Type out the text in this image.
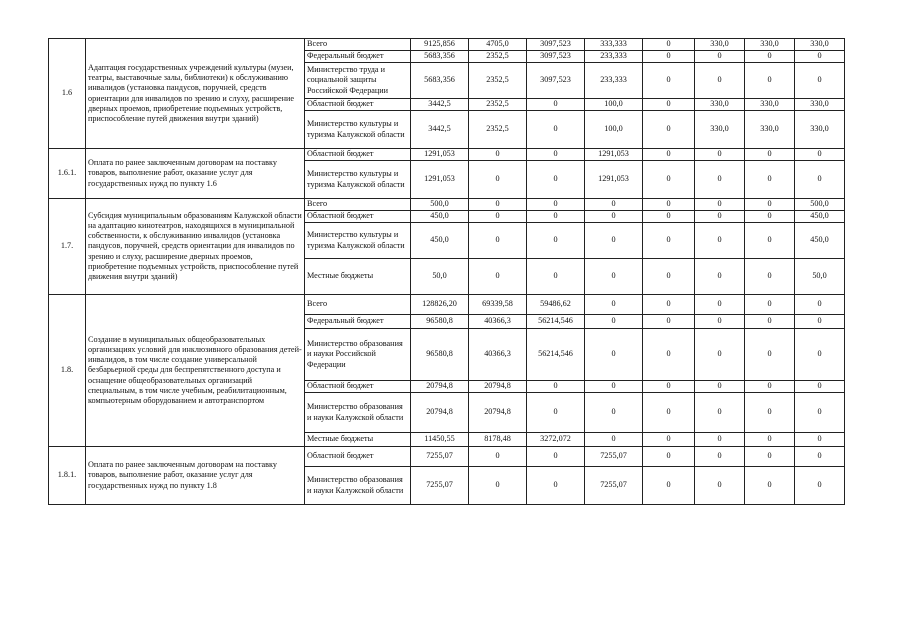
1.6	Адаптация государственных учреждений культуры (музеи, театры, выставочные залы, библиотеки) к обслуживанию инвалидов (установка пандусов, поручней, средств ориентации для инвалидов по зрению и слуху, расширение дверных проемов, приобретение подъемных устройств, приспособление путей движения внутри зданий)	Всего	9125,856	4705,0	3097,523	333,333	0	330,0	330,0	330,0
		Федеральный бюджет	5683,356	2352,5	3097,523	233,333	0	0	0	0
		Министерство труда и социальной защиты Российской Федерации	5683,356	2352,5	3097,523	233,333	0	0	0	0
		Областной бюджет	3442,5	2352,5	0	100,0	0	330,0	330,0	330,0
		Министерство культуры и туризма Калужской области	3442,5	2352,5	0	100,0	0	330,0	330,0	330,0
1.6.1.	Оплата по ранее заключенным договорам на поставку товаров, выполнение работ, оказание услуг для государственных нужд по пункту 1.6	Областной бюджет	1291,053	0	0	1291,053	0	0	0	0
		Министерство культуры и туризма Калужской области	1291,053	0	0	1291,053	0	0	0	0
1.7.	Субсидия муниципальным образованиям Калужской области на адаптацию кинотеатров, находящихся в муниципальной собственности, к обслуживанию инвалидов (установка пандусов, поручней, средств ориентации для инвалидов по зрению и слуху, расширение дверных проемов, приобретение подъемных устройств, приспособление путей движения внутри зданий)	Всего	500,0	0	0	0	0	0	0	500,0
		Областной бюджет	450,0	0	0	0	0	0	0	450,0
		Министерство культуры и туризма Калужской области	450,0	0	0	0	0	0	0	450,0
		Местные бюджеты	50,0	0	0	0	0	0	0	50,0
1.8.	Создание в муниципальных общеобразовательных организациях условий для инклюзивного образования детей-инвалидов, в том числе создание универсальной безбарьерной среды для беспрепятственного доступа и оснащение общеобразовательных организаций специальным, в том числе учебным, реабилитационным, компьютерным оборудованием и автотранспортом	Всего	128826,20	69339,58	59486,62	0	0	0	0	0
		Федеральный бюджет	96580,8	40366,3	56214,546	0	0	0	0	0
		Министерство образования и науки Российской Федерации	96580,8	40366,3	56214,546	0	0	0	0	0
		Областной бюджет	20794,8	20794,8	0	0	0	0	0	0
		Министерство образования и науки Калужской области	20794,8	20794,8	0	0	0	0	0	0
		Местные бюджеты	11450,55	8178,48	3272,072	0	0	0	0	0
1.8.1.	Оплата по ранее заключенным договорам на поставку товаров, выполнение работ, оказание услуг для государственных нужд по пункту 1.8	Областной бюджет	7255,07	0	0	7255,07	0	0	0	0
		Министерство образования и науки Калужской области	7255,07	0	0	7255,07	0	0	0	0
